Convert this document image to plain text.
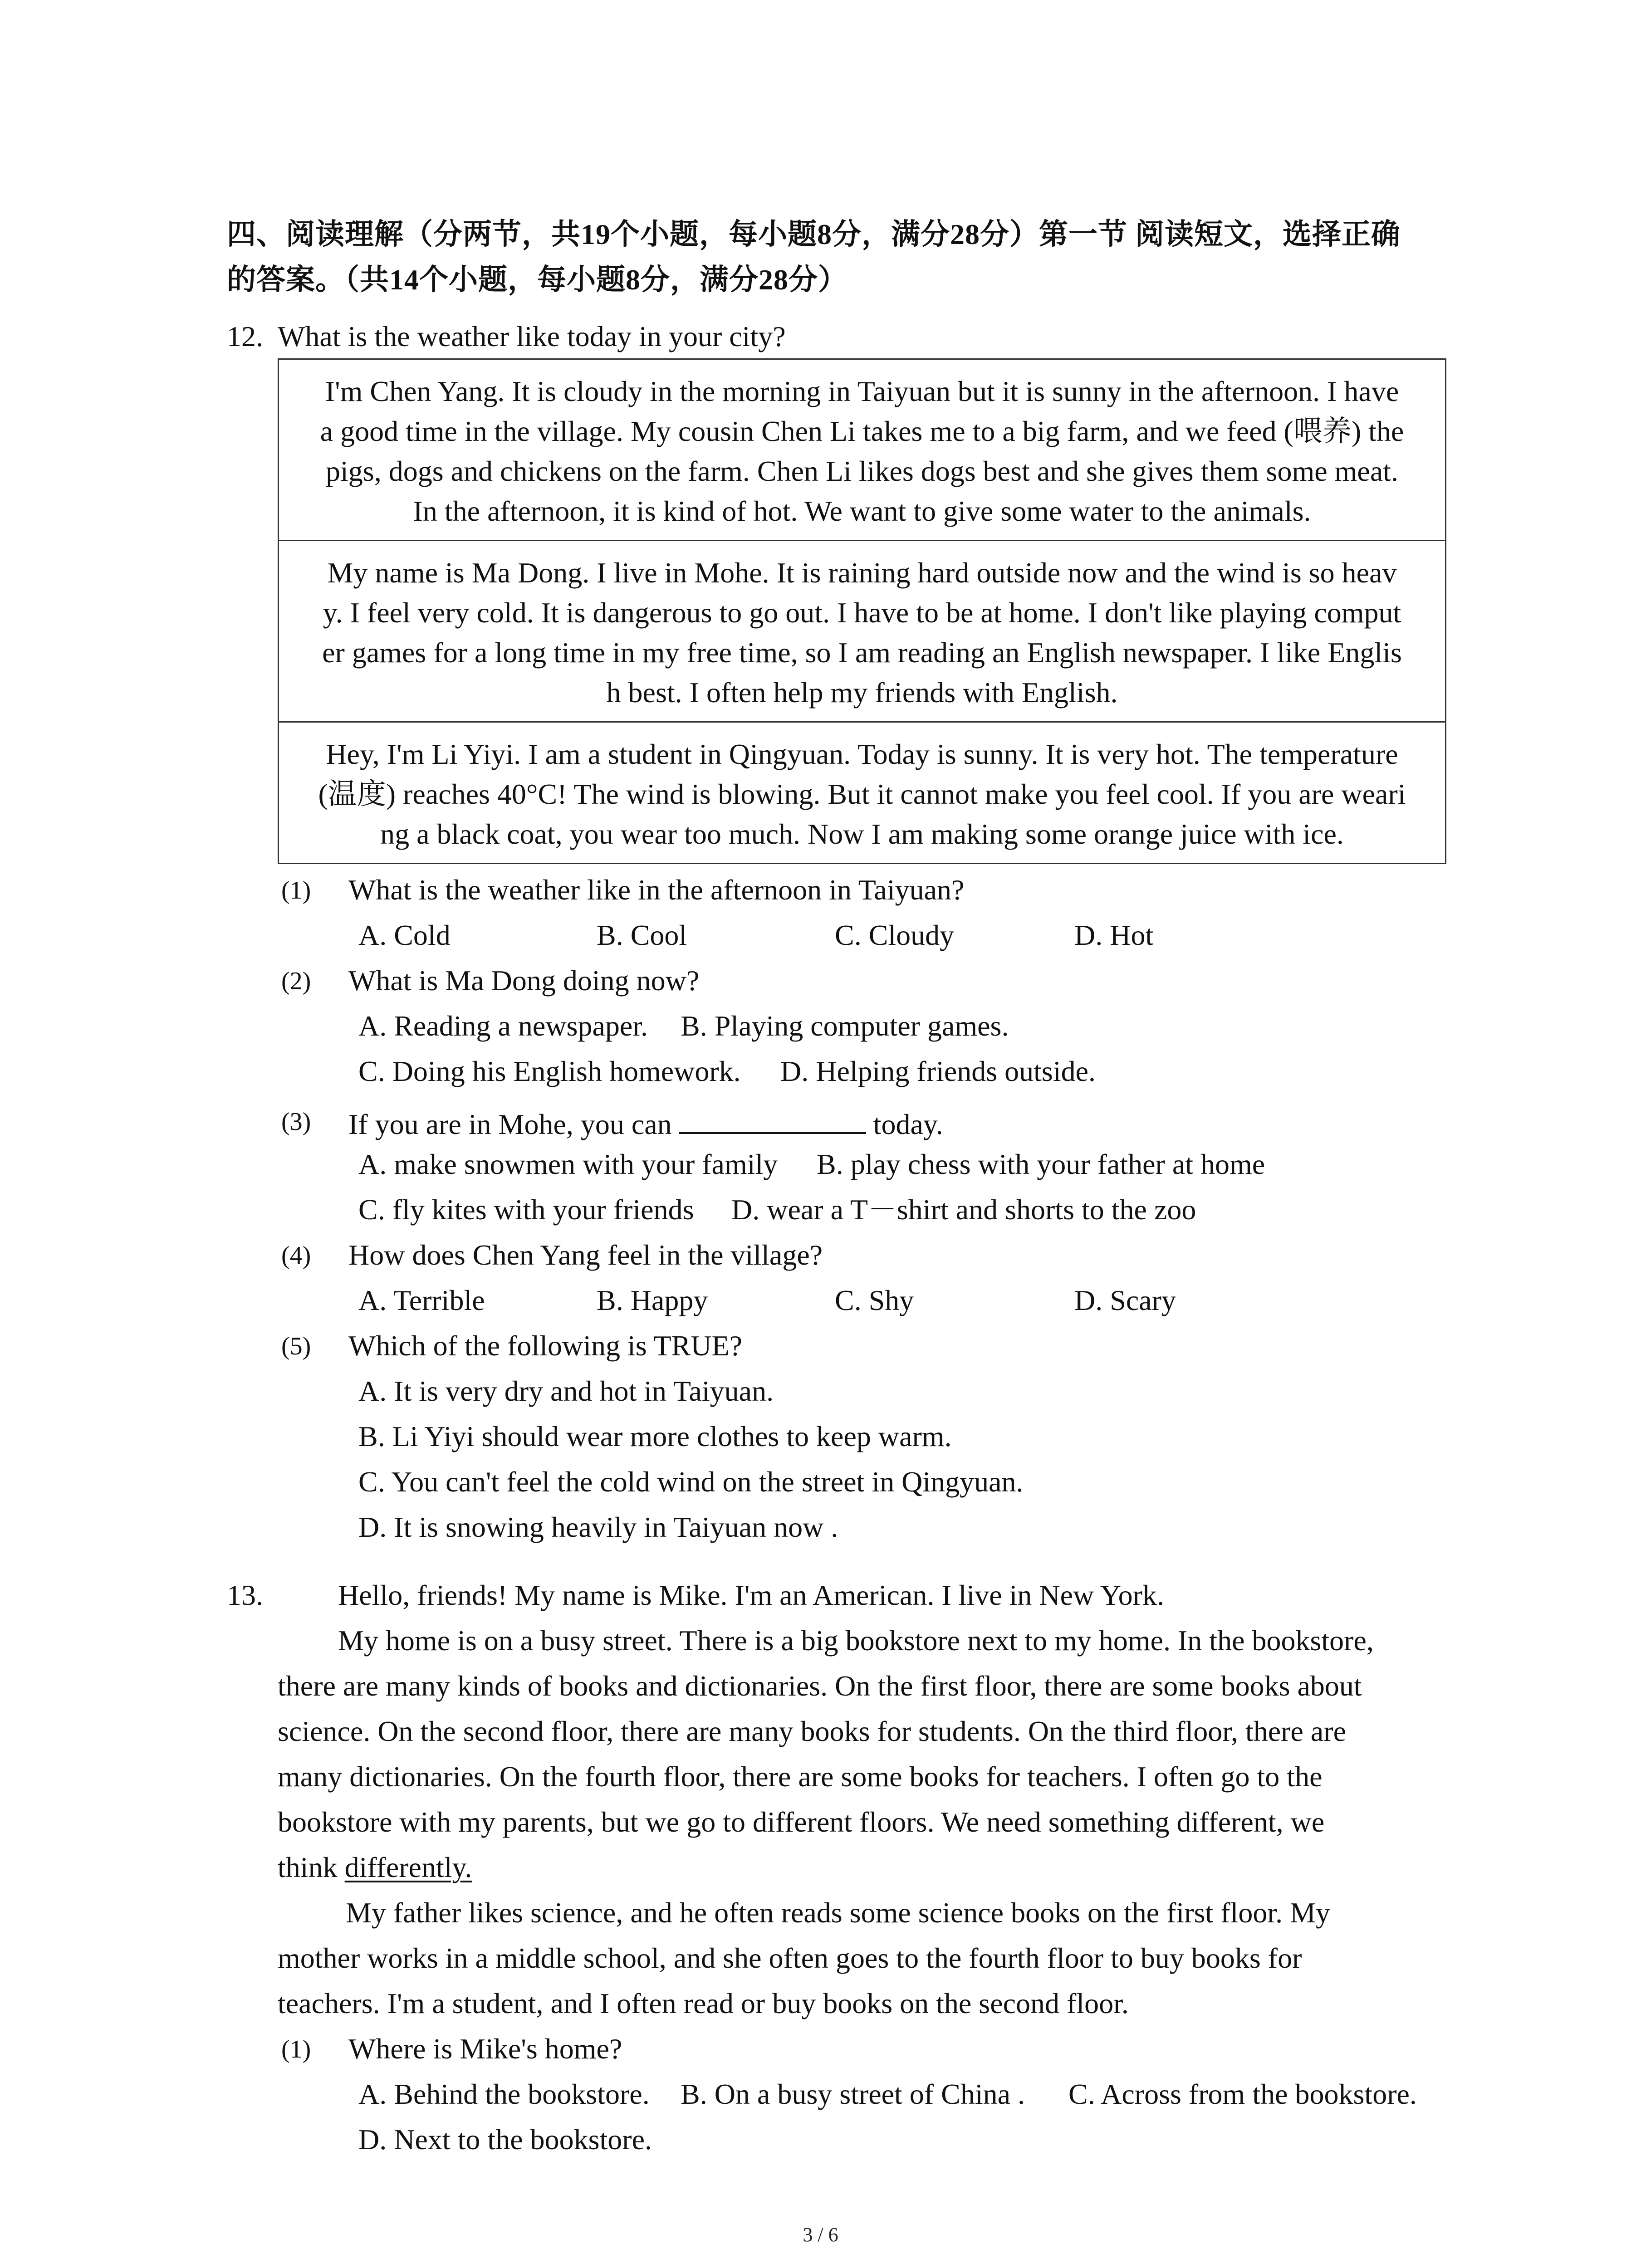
四、阅读理解（分两节，共19个小题，每小题8分，满分28分）第一节 阅读短文，选择正确
的答案。（共14个小题，每小题8分，满分28分）
12. What is the weather like today in your city?
I'm Chen Yang. It is cloudy in the morning in Taiyuan but it is sunny in the afternoon. I have
a good time in the village. My cousin Chen Li takes me to a big farm, and we feed (喂养) the
pigs, dogs and chickens on the farm. Chen Li likes dogs best and she gives them some meat.
In the afternoon, it is kind of hot. We want to give some water to the animals.
My name is Ma Dong. I live in Mohe. It is raining hard outside now and the wind is so heav
y. I feel very cold. It is dangerous to go out. I have to be at home. I don't like playing comput
er games for a long time in my free time, so I am reading an English newspaper. I like Englis
h best. I often help my friends with English.
Hey, I'm Li Yiyi. I am a student in Qingyuan. Today is sunny. It is very hot. The temperature
(温度) reaches 40°C! The wind is blowing. But it cannot make you feel cool. If you are weari
ng a black coat, you wear too much. Now I am making some orange juice with ice.
(1) What is the weather like in the afternoon in Taiyuan?
A. Cold	B. Cool	C. Cloudy	D. Hot
(2) What is Ma Dong doing now?
A. Reading a newspaper. B. Playing computer games.
C. Doing his English homework. D. Helping friends outside.
(3) If you are in Mohe, you can	today.
A. make snowmen with your family B. play chess with your father at home
C. fly kites with your friends D. wear a T－shirt and shorts to the zoo
(4) How does Chen Yang feel in the village?
A. Terrible	B. Happy	C. Shy	D. Scary
(5) Which of the following is TRUE?
A. It is very dry and hot in Taiyuan.
B. Li Yiyi should wear more clothes to keep warm.
C. You can't feel the cold wind on the street in Qingyuan.
D. It is snowing heavily in Taiyuan now .
13.	Hello, friends! My name is Mike. I'm an American. I live in New York.
My home is on a busy street. There is a big bookstore next to my home. In the bookstore,
there are many kinds of books and dictionaries. On the first floor, there are some books about
science. On the second floor, there are many books for students. On the third floor, there are
many dictionaries. On the fourth floor, there are some books for teachers. I often go to the
bookstore with my parents, but we go to different floors. We need something different, we
think differently.
My father likes science, and he often reads some science books on the first floor. My
mother works in a middle school, and she often goes to the fourth floor to buy books for
teachers. I'm a student, and I often read or buy books on the second floor.
(1) Where is Mike's home?
A. Behind the bookstore. B. On a busy street of China . C. Across from the bookstore.
D. Next to the bookstore.
3 / 6
